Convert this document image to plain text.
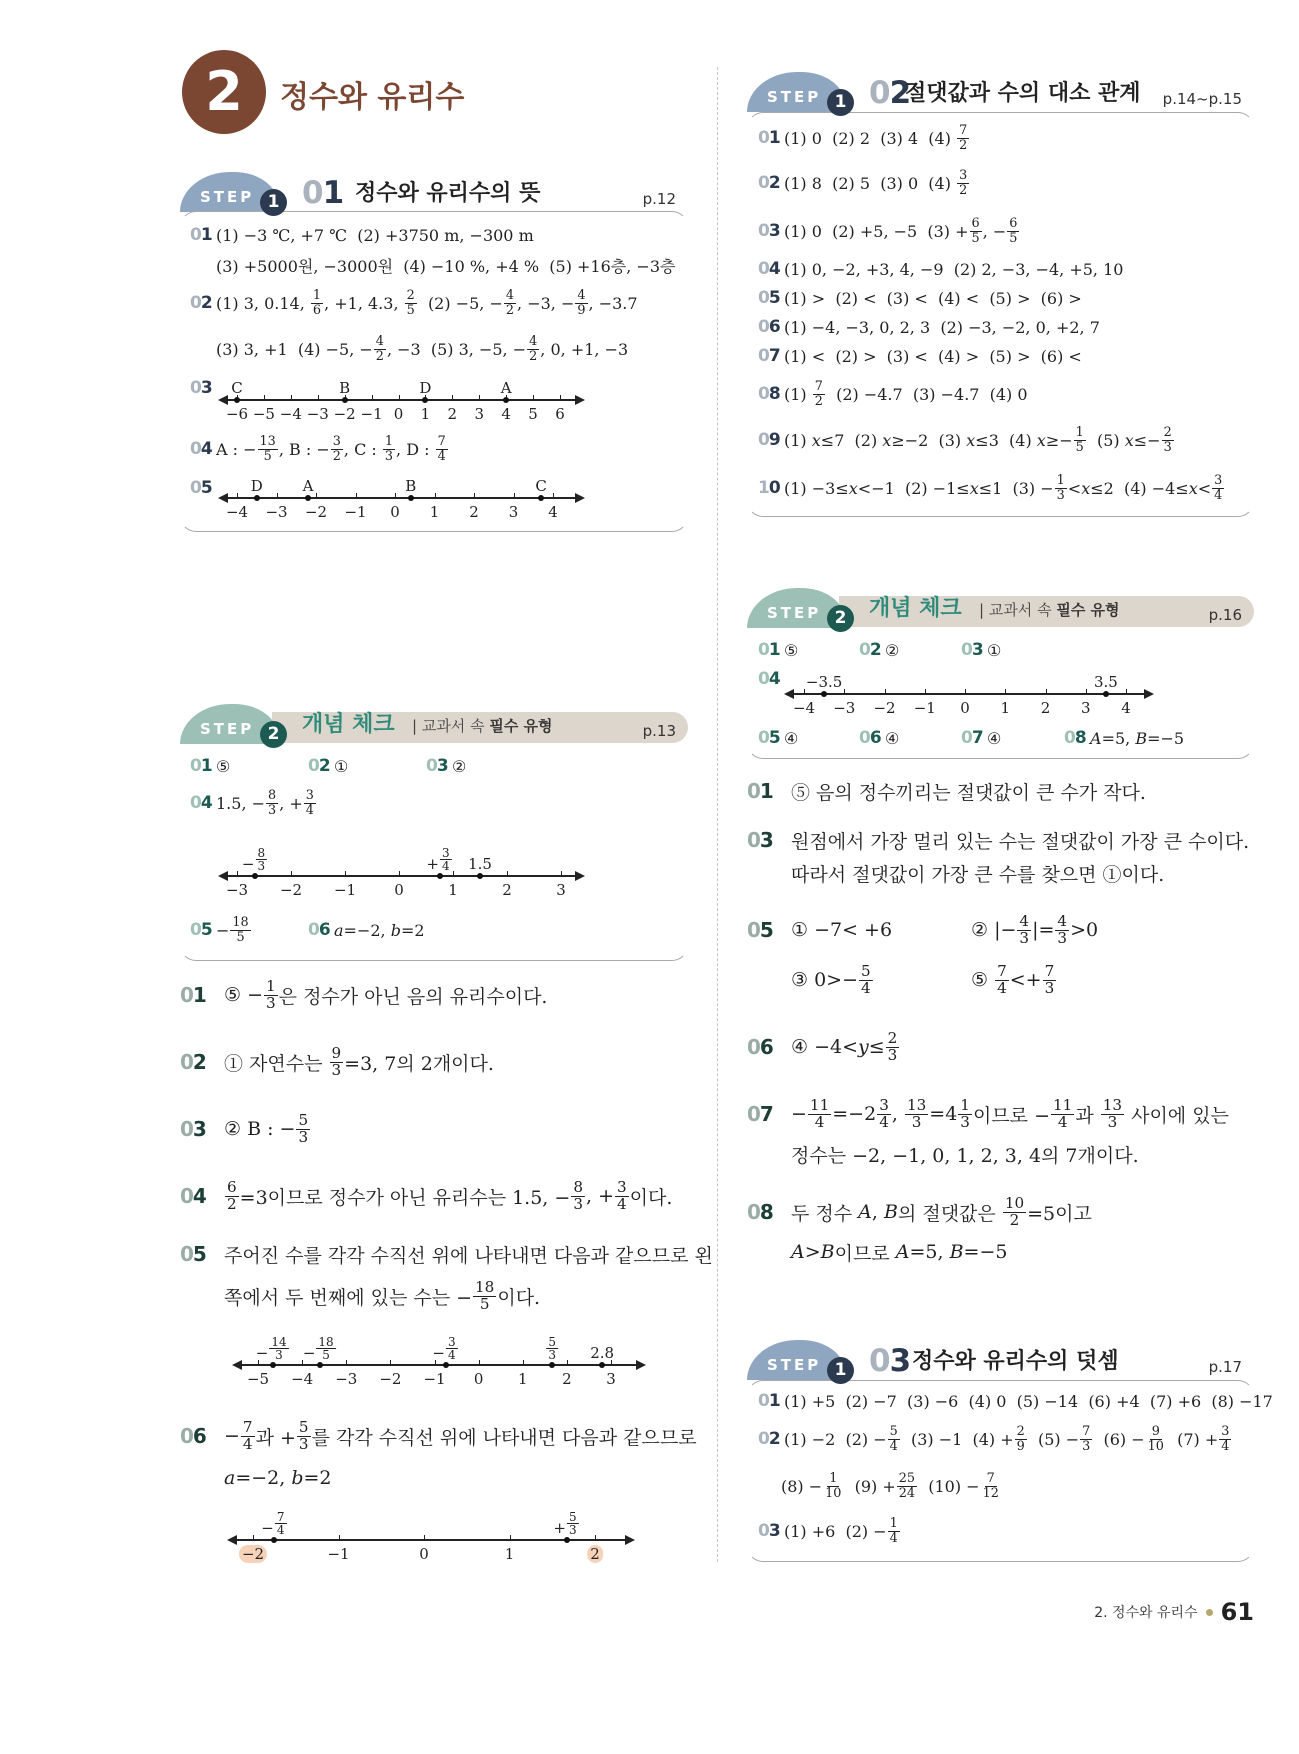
2	정수와 유리수
STEP 1 01 정수와 유리수의 뜻	p.12
01 (1) −3 ℃, +7 ℃  (2) +3750 m, −300 m
(3) +5000원, −3000원  (4) −10 %, +4 %  (5) +16층, −3층
02 (1) 3, 0.14, $\frac{1}{6}$ , +1, 4.3, $\frac{2}{5} (2) -5$, − $\frac{4}{2}$ , −3, − $\frac{4}{9}$ , −3.7
(3) 3, +1  (4) −5, − $\frac{4}{2}$ , −3  (5) 3, −5, − $\frac{4}{2}$ , 0, +1, −3
03
−6 −5 −4 −3 −2 −1 0 1 2 3 4 5 6
C	B	D	A
04 A : − $\frac{13}{5}$ , B : − $\frac{3}{2}$ , C : $\frac{1}{3}$ , D : $\frac{7}{4}$
05
−4 −3 −2 −1 0 1 2 3 4
D	A	B	C
STEP 2	개념 체크 | 교과서 속 필수 유형	p.13
01 ⑤	02 ①	03 ②
04 1.5, − $\frac{8}{3}$ , + $\frac{3}{4}$
−3 −2 −1	0	1	2	3
− $\frac{8}{3}$	+ $\frac{3}{4} 1.5$
$05 - \frac{18}{5}$	06 a =−2, b =2
01 ⑤ − $\frac{1}{3}$ 은 정수가 아닌 음의 유리수이다.
02 ① 자연수는 $\frac{9}{3} =3$, 7의 2개이다.
03 ② B : − $\frac{5}{3}$
04	$\frac{6}{2} =3$이므로 정수가 아닌 유리수는 1.5, − $\frac{8}{3}$ , + $\frac{3}{4}$ 이다.
05 주어진 수를 각각 수직선 위에 나타내면 다음과 같으므로 왼
쪽에서 두 번째에 있는 수는 − $\frac{18}{5}$ 이다.
−5 −4 −3 −2 −1 0 1 2 3
− $\frac{14}{3} - \frac{18}{5}$	− $\frac{3}{4}$	$\frac{5}{3} 2.8$
$06 - \frac{7}{4}$ 과 + $\frac{5}{3}$ 를 각각 수직선 위에 나타내면 다음과 같으므로
a =−2, b =2
−2	−1	0	1	2
− $\frac{7}{4}$	+ $\frac{5}{3}$
STEP 1 02
절댓값과 수의 대소 관계 p.14~p.15
01 (1) 0  (2) 2  (3) 4  $(4) \frac{7}{2}$
02 (1) 8  (2) 5  (3) 0  $(4) \frac{3}{2}$
03 (1) 0  (2) +5, −5  $(3) + \frac{6}{5}$ , − $\frac{6}{5}$
04 (1) 0, −2, +3, 4, −9  (2) 2, −3, −4, +5, 10
05 (1) >  (2) <  (3) <  (4) <  (5) >  (6) >
06 (1) −4, −3, 0, 2, 3  (2) −3, −2, 0, +2, 7
07 (1) <  (2) >  (3) <  (4) >  (5) >  (6) <
08 $(1) \frac{7}{2} (2) -4.7$  (3) −4.7  (4) 0
09 (1) x ≤7  (2) x ≥−2  (3) x ≤3  (4) $x \ge- \frac{1}{5} (5) x \le- \frac{2}{3}$
10 (1) −3≤ x <−1  (2) −1≤ x ≤1  $(3) - \frac{1}{3} < x \le 2$  $(4) -4\le x < \frac{3}{4}$
STEP 2	개념 체크 | 교과서 속 필수 유형	p.16
01 ⑤	02 ②	03 ①
04
−4 −3 −2 −1 0 1 2 3 4
−3.5	3.5
05 ④	06 ④	07 ④	08 A =5, B =−5
01 ⑤ 음의 정수끼리는 절댓값이 큰 수가 작다.
03 원점에서 가장 멀리 있는 수는 절댓값이 가장 큰 수이다.
따라서 절댓값이 가장 큰 수를 찾으면 ①이다.
05 ① −7< +6	② |− $\frac{4}{3}$ |= $\frac{4}{3} >0$
③ $0>- \frac{5}{4}$	⑤ $\frac{7}{4} <+ \frac{7}{3}$
06 ④ $-4< y \le \frac{2}{3}$
$07 - \frac{11}{4} =-2 \frac{3}{4}$ , $\frac{13}{3} =4 \frac{1}{3}$ 이므로 − $\frac{11}{4}$ 과 $\frac{13}{3}$ 사이에 있는
정수는 −2, −1, 0, 1, 2, 3, 4의 7개이다.
08 두 정수 A , B 의 절댓값은 $\frac{10}{2} =5$이고
A > B 이므로 A =5, B =−5
STEP 1 03 정수와 유리수의 덧셈	p.17
01 (1) +5  (2) −7  (3) −6  (4) 0  (5) −14  (6) +4  (7) +6  (8) −17
02 (1) −2  $(2) - \frac{5}{4} (3) -1$  $(4) + \frac{2}{9} (5) - \frac{7}{3} (6) - \frac{9}{10} (7) + \frac{3}{4}$
$(8) - \frac{1}{10} (9) + \frac{25}{24} (10) - \frac{7}{12}$
03 (1) +6  $(2) - \frac{1}{4}$
2. 정수와 유리수 61
